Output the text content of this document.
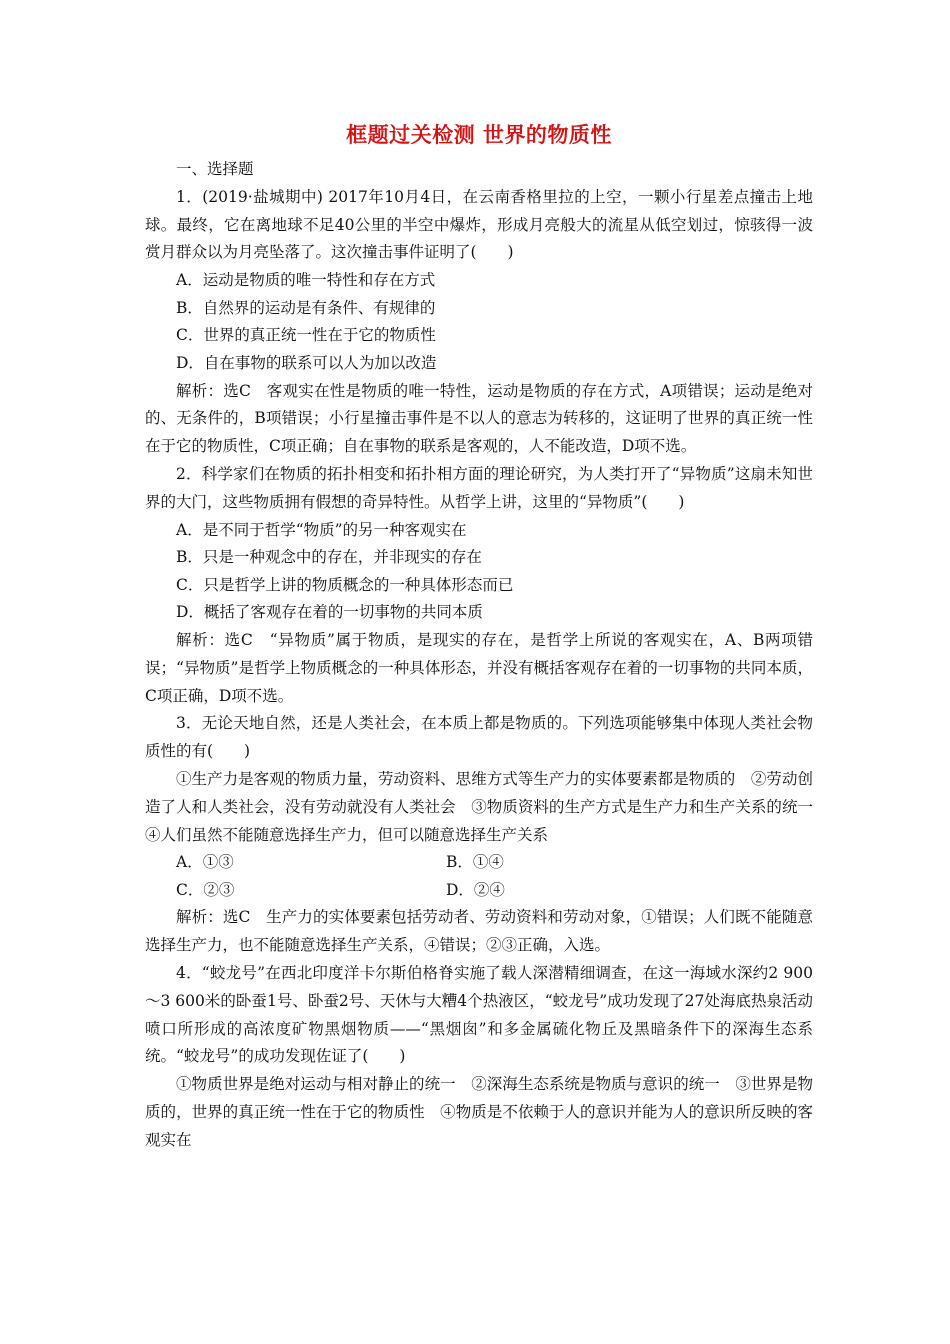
框题过关检测 世界的物质性

一、选择题

1．(2019·盐城期中) 2017年10月4日，在云南香格里拉的上空，一颗小行星差点撞击上地球。最终，它在离地球不足40公里的半空中爆炸，形成月亮般大的流星从低空划过，惊骇得一波赏月群众以为月亮坠落了。这次撞击事件证明了(　　)

A．运动是物质的唯一特性和存在方式

B．自然界的运动是有条件、有规律的

C．世界的真正统一性在于它的物质性

D．自在事物的联系可以人为加以改造

解析：选C　客观实在性是物质的唯一特性，运动是物质的存在方式，A项错误；运动是绝对的、无条件的，B项错误；小行星撞击事件是不以人的意志为转移的，这证明了世界的真正统一性在于它的物质性，C项正确；自在事物的联系是客观的，人不能改造，D项不选。

2．科学家们在物质的拓扑相变和拓扑相方面的理论研究，为人类打开了“异物质”这扇未知世界的大门，这些物质拥有假想的奇异特性。从哲学上讲，这里的“异物质”(　　)

A．是不同于哲学“物质”的另一种客观实在

B．只是一种观念中的存在，并非现实的存在

C．只是哲学上讲的物质概念的一种具体形态而已

D．概括了客观存在着的一切事物的共同本质

解析：选C　“异物质”属于物质，是现实的存在，是哲学上所说的客观实在，A、B两项错误；“异物质”是哲学上物质概念的一种具体形态，并没有概括客观存在着的一切事物的共同本质，C项正确，D项不选。

3．无论天地自然，还是人类社会，在本质上都是物质的。下列选项能够集中体现人类社会物质性的有(　　)

①生产力是客观的物质力量，劳动资料、思维方式等生产力的实体要素都是物质的　②劳动创造了人和人类社会，没有劳动就没有人类社会　③物质资料的生产方式是生产力和生产关系的统一　④人们虽然不能随意选择生产力，但可以随意选择生产关系

A．①③	B．①④
C．②③	D．②④

解析：选C　生产力的实体要素包括劳动者、劳动资料和劳动对象，①错误；人们既不能随意选择生产力，也不能随意选择生产关系，④错误；②③正确，入选。

4．“蛟龙号”在西北印度洋卡尔斯伯格脊实施了载人深潜精细调查，在这一海域水深约2 900～3 600米的卧蚕1号、卧蚕2号、天休与大糟4个热液区，“蛟龙号”成功发现了27处海底热泉活动喷口所形成的高浓度矿物黑烟物质——“黑烟囱”和多金属硫化物丘及黑暗条件下的深海生态系统。“蛟龙号”的成功发现佐证了(　　)

①物质世界是绝对运动与相对静止的统一　②深海生态系统是物质与意识的统一　③世界是物质的，世界的真正统一性在于它的物质性　④物质是不依赖于人的意识并能为人的意识所反映的客观实在
